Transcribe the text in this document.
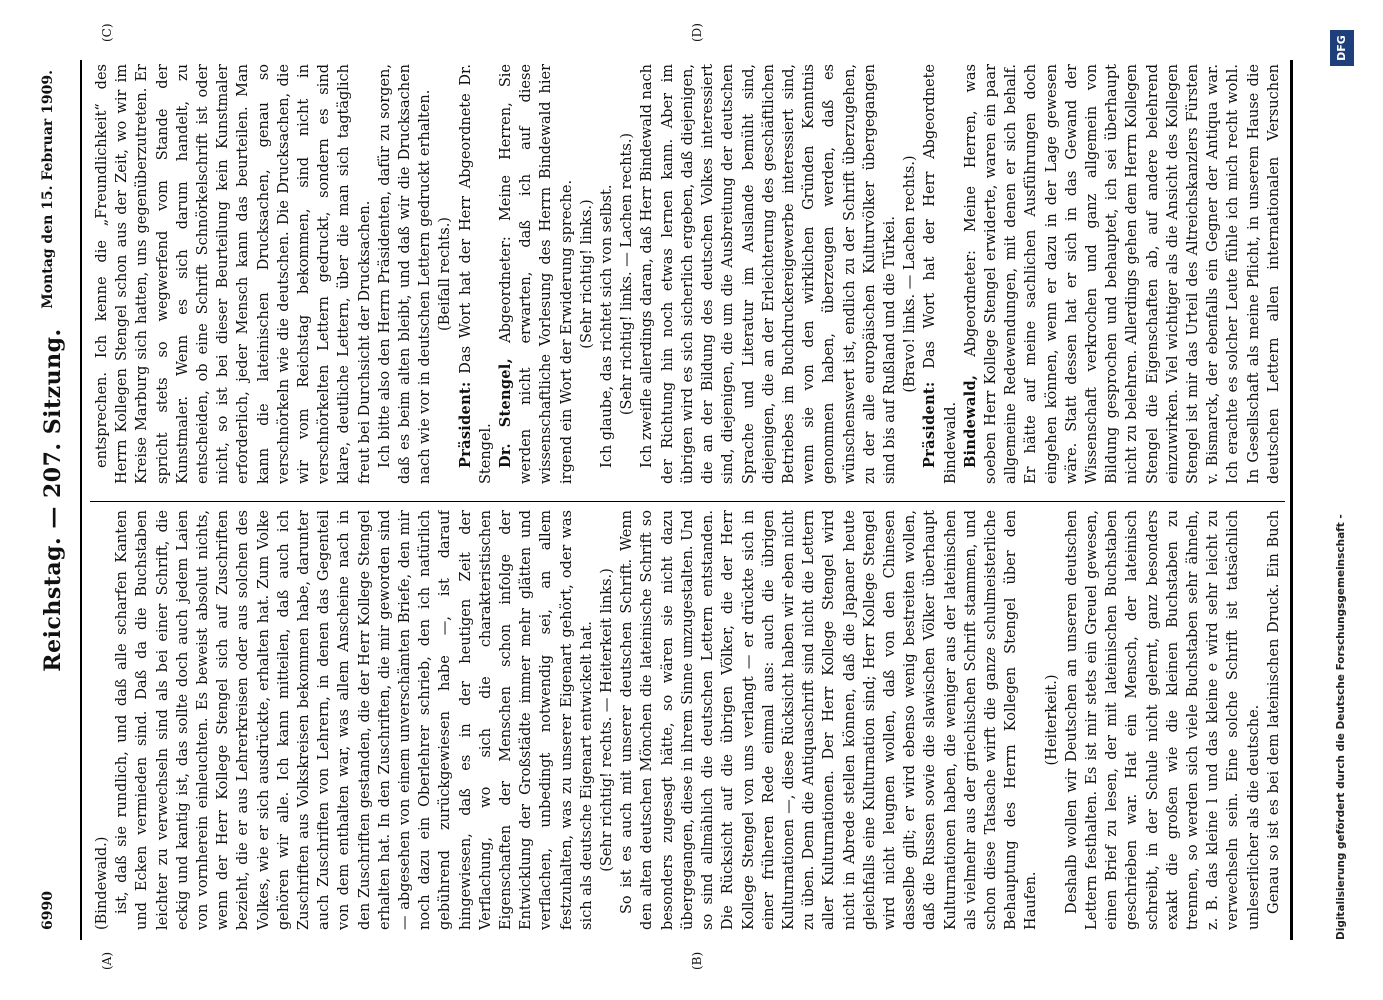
6990
Reichstag. — 207. Sitzung.
Montag den 15. Februar 1909.
(A)	(B)
(C)	(D)

(Bindewald.) ist, daß sie rundlich, und daß alle scharfen Kanten und Ecken vermieden sind. Daß da die Buchstaben leichter zu verwechseln sind als bei einer Schrift, die eckig und kantig ist, das sollte doch auch jedem Laien von vornherein einleuchten. Es beweist absolut nichts, wenn der Herr Kollege Stengel sich auf Zuschriften bezieht, die er aus Lehrerkreisen oder aus solchen des Volkes, wie er sich ausdrückte, erhalten hat. Zum Volke gehören wir alle. Ich kann mitteilen, daß auch ich Zuschriften aus Volkskreisen bekommen habe, darunter auch Zuschriften von Lehrern, in denen das Gegenteil von dem enthalten war, was allem Anscheine nach in den Zuschriften gestanden, die der Herr Kollege Stengel erhalten hat. In den Zuschriften, die mir geworden sind — abgesehen von einem unverschämten Briefe, den mir noch dazu ein Oberlehrer schrieb, den ich natürlich gebührend zurückgewiesen habe —, ist darauf hingewiesen, daß es in der heutigen Zeit der Verflachung, wo sich die charakteristischen Eigenschaften der Menschen schon infolge der Entwicklung der Großstädte immer mehr glätten und verflachen, unbedingt notwendig sei, an allem festzuhalten, was zu unserer Eigenart gehört, oder was sich als deutsche Eigenart entwickelt hat. (Sehr richtig! rechts. — Heiterkeit links.) So ist es auch mit unserer deutschen Schrift. Wenn den alten deutschen Mönchen die lateinische Schrift so besonders zugesagt hätte, so wären sie nicht dazu übergegangen, diese in ihrem Sinne umzugestalten. Und so sind allmählich die deutschen Lettern entstanden. Die Rücksicht auf die übrigen Völker, die der Herr Kollege Stengel von uns verlangt — er drückte sich in einer früheren Rede einmal aus: auch die übrigen Kulturnationen —, diese Rücksicht haben wir eben nicht zu üben. Denn die Antiquaschrift sind nicht die Lettern aller Kulturnationen. Der Herr Kollege Stengel wird nicht in Abrede stellen können, daß die Japaner heute gleichfalls eine Kulturnation sind; Herr Kollege Stengel wird nicht leugnen wollen, daß von den Chinesen dasselbe gilt; er wird ebenso wenig bestreiten wollen, daß die Russen sowie die slawischen Völker überhaupt Kulturnationen haben, die weniger aus der lateinischen als vielmehr aus der griechischen Schrift stammen, und schon diese Tatsache wirft die ganze schulmeisterliche Behauptung des Herrn Kollegen Stengel über den Haufen.

(Heiterkeit.) Deshalb wollen wir Deutschen an unseren deutschen Lettern festhalten. Es ist mir stets ein Greuel gewesen, einen Brief zu lesen, der mit lateinischen Buchstaben geschrieben war. Hat ein Mensch, der lateinisch schreibt, in der Schule nicht gelernt, ganz besonders exakt die großen wie die kleinen Buchstaben zu trennen, so werden sich viele Buchstaben sehr ähneln, z. B. das kleine l und das kleine e wird sehr leicht zu verwechseln sein. Eine solche Schrift ist tatsächlich unleserlicher als die deutsche. Genau so ist es bei dem lateinischen Druck. Ein Buch

entsprechen. Ich kenne die „Freundlichkeit“ des Herrn Kollegen Stengel schon aus der Zeit, wo wir im Kreise Marburg sich hatten, uns gegenüberzutreten. Er spricht stets so wegwerfend vom Stande der Kunstmaler. Wenn es sich darum handelt, zu entscheiden, ob eine Schrift Schnörkelschrift ist oder nicht, so ist bei dieser Beurteilung kein Kunstmaler erforderlich, jeder Mensch kann das beurteilen. Man kann die lateinischen Drucksachen, genau so verschnörkeln wie die deutschen. Die Drucksachen, die wir vom Reichstag bekommen, sind nicht in verschnörkelten Lettern gedruckt, sondern es sind klare, deutliche Lettern, über die man sich tagtäglich freut bei Durchsicht der Drucksachen. Ich bitte also den Herrn Präsidenten, dafür zu sorgen, daß es beim alten bleibt, und daß wir die Drucksachen nach wie vor in deutschen Lettern gedruckt erhalten. (Beifall rechts.)

Präsident: Das Wort hat der Herr Abgeordnete Dr. Stengel. Dr. Stengel, Abgeordneter: Meine Herren, Sie werden nicht erwarten, daß ich auf diese wissenschaftliche Vorlesung des Herrn Bindewald hier irgend ein Wort der Erwiderung spreche. (Sehr richtig! links.) Ich glaube, das richtet sich von selbst. (Sehr richtig! links. — Lachen rechts.) Ich zweifle allerdings daran, daß Herr Bindewald nach der Richtung hin noch etwas lernen kann. Aber im übrigen wird es sich sicherlich ergeben, daß diejenigen, die an der Bildung des deutschen Volkes interessiert sind, diejenigen, die um die Ausbreitung der deutschen Sprache und Literatur im Auslande bemüht sind, diejenigen, die an der Erleichterung des geschäftlichen Betriebes im Buchdruckereigewerbe interessiert sind, wenn sie von den wirklichen Gründen Kenntnis genommen haben, überzeugen werden, daß es wünschenswert ist, endlich zu der Schrift überzugehen, zu der alle europäischen Kulturvölker übergegangen sind bis auf Rußland und die Türkei. (Bravo! links. — Lachen rechts.)

Präsident: Das Wort hat der Herr Abgeordnete Bindewald. Bindewald, Abgeordneter: Meine Herren, was soeben Herr Kollege Stengel erwiderte, waren ein paar allgemeine Redewendungen, mit denen er sich behalf. Er hätte auf meine sachlichen Ausführungen doch eingehen können, wenn er dazu in der Lage gewesen wäre. Statt dessen hat er sich in das Gewand der Wissenschaft verkrochen und ganz allgemein von Bildung gesprochen und behauptet, ich sei überhaupt nicht zu belehren. Allerdings gehen dem Herrn Kollegen Stengel die Eigenschaften ab, auf andere belehrend einzuwirken. Viel wichtiger als die Ansicht des Kollegen Stengel ist mir das Urteil des Altreichskanzlers Fürsten v. Bismarck, der ebenfalls ein Gegner der Antiqua war. Ich erachte es solcher Leute fühle ich mich recht wohl. In Gesellschaft als meine Pflicht, in unserem Hause die deutschen Lettern allen internationalen Versuchen

Digitalisierung gefördert durch die Deutsche Forschungsgemeinschaft -
DFG
